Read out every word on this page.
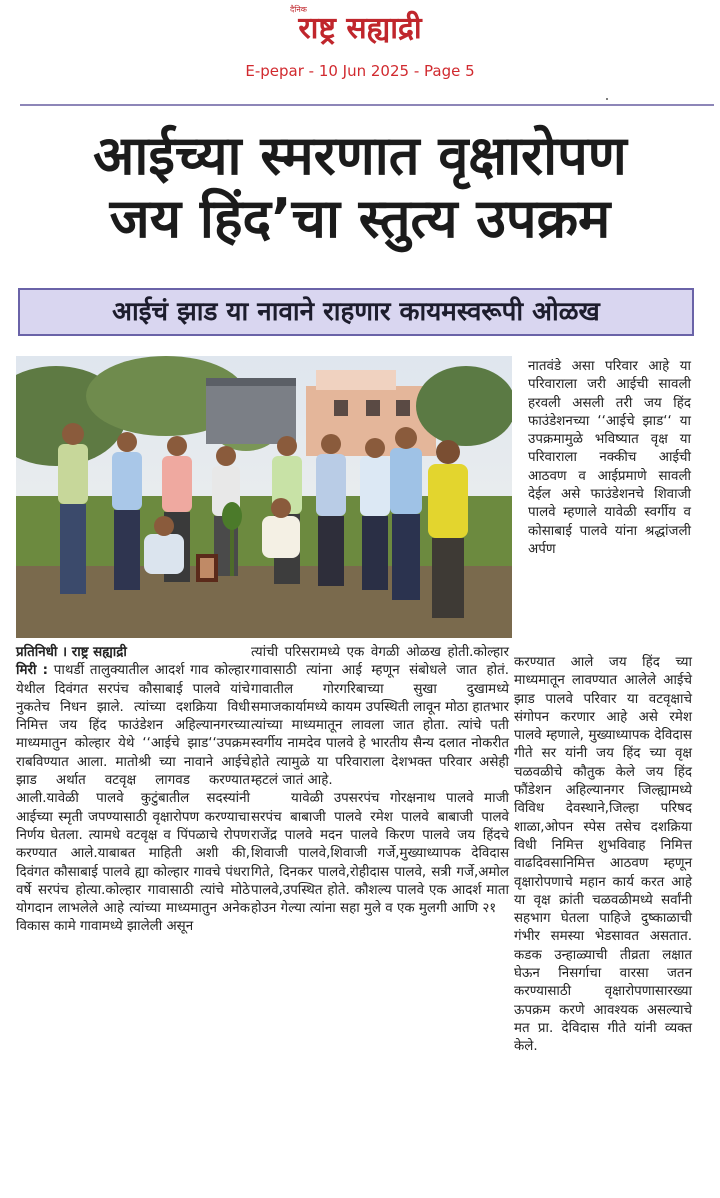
दैनिक
राष्ट्र सह्याद्री
E-pepar - 10 Jun 2025 - Page 5
आईच्या स्मरणात वृक्षारोपण
जय हिंद’चा स्तुत्य उपक्रम
आईचं झाड या नावाने राहणार कायमस्वरूपी ओळख

प्रतिनिधी । राष्ट्र सह्याद्री

मिरी : पाथर्डी तालुक्यातील आदर्श गाव कोल्हार येथील दिवंगत सरपंच कौसाबाई पालवे यांचे नुकतेच निधन झाले. त्यांच्या दशक्रिया विधी निमित्त जय हिंद फाउंडेशन अहिल्यानगरच्या माध्यमातुन कोल्हार येथे ‘‘आईचे झाड‘‘उपक्रम राबविण्यात आला. मातोश्री च्या नावाने आईचे झाड अर्थात वटवृक्ष लागवड करण्यात आली.यावेळी पालवे कुटुंबातील सदस्यांनी आईच्या स्मृती जपण्यासाठी वृक्षारोपण करण्याचा निर्णय घेतला. त्यामधे वटवृक्ष व पिंपळाचे रोपण करण्यात आले.याबाबत माहिती अशी की, दिवंगत कौसाबाई पालवे ह्या कोल्हार गावचे पंधरा वर्षे सरपंच होत्या.कोल्हार गावासाठी त्यांचे मोठे योगदान लाभलेले आहे त्यांच्या माध्यमातुन अनेक विकास कामे गावामध्ये झालेली असून

त्यांची परिसरामध्ये एक वेगळी ओळख होती.कोल्हार गावासाठी त्यांना आई म्हणून संबोधले जात होतं. गावातील गोरगरिबाच्या सुखा दुखामध्ये समाजकार्यामध्ये कायम उपस्थिती लावून मोठा हातभार त्यांच्या माध्यमातून लावला जात होता. त्यांचे पती स्वर्गीय नामदेव पालवे हे भारतीय सैन्य दलात नोकरीत होते त्यामुळे या परिवाराला देशभक्त परिवार असेही म्हटलं जातं आहे.

यावेळी उपसरपंच गोरक्षनाथ पालवे माजी सरपंच बाबाजी पालवे रमेश पालवे बाबाजी पालवे राजेंद्र पालवे मदन पालवे किरण पालवे जय हिंदचे शिवाजी पालवे,शिवाजी गर्जे,मुख्याध्यापक देविदास गिते, दिनकर पालवे,रोहीदास पालवे, सत्री गर्जे,अमोल पालवे,उपस्थित होते. कौशल्य पालवे एक आदर्श माता होउन गेल्या त्यांना सहा मुले व एक मुलगी आणि २१

नातवंडे असा परिवार आहे या परिवाराला जरी आईची सावली हरवली असली तरी जय हिंद फाउंडेशनच्या ‘‘आईचे झाड‘‘ या उपक्रमामुळे भविष्यात वृक्ष या परिवाराला नक्कीच आईची आठवण व आईप्रमाणे सावली देईल असे फाउंडेशनचे शिवाजी पालवे म्हणाले यावेळी स्वर्गीय व कोसाबाई पालवे यांना श्रद्धांजली अर्पण

करण्यात आले जय हिंद च्या माध्यमातून लावण्यात आलेले आईचे झाड पालवे परिवार या वटवृक्षाचे संगोपन करणार आहे असे रमेश पालवे म्हणाले, मुख्याध्यापक देविदास गीते सर यांनी जय हिंद च्या वृक्ष चळवळीचे कौतुक केले जय हिंद फौंडेशन अहिल्यानगर जिल्ह्यामध्ये विविध देवस्थाने,जिल्हा परिषद शाळा,ओपन स्पेस तसेच दशक्रिया विधी निमित्त शुभविवाह निमित्त वाढदिवसानिमित्त आठवण म्हणून वृक्षारोपणाचे महान कार्य करत आहे या वृक्ष क्रांती चळवळीमध्ये सर्वांनी सहभाग घेतला पाहिजे दुष्काळाची गंभीर समस्या भेडसावत असतात. कडक उन्हाळ्याची तीव्रता लक्षात घेऊन निसर्गाचा वारसा जतन करण्यासाठी वृक्षारोपणासारख्या ऊपक्रम करणे आवश्यक असल्याचे मत प्रा. देविदास गीते यांनी व्यक्त केले.
